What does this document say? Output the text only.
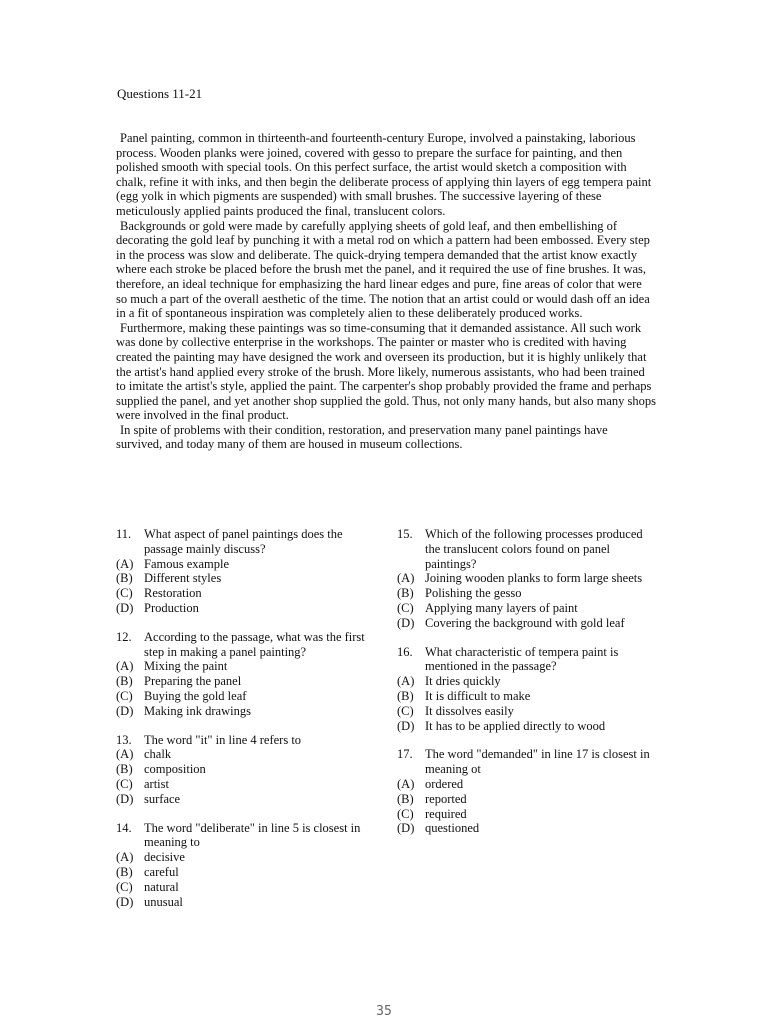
Questions 11-21

Panel painting, common in thirteenth-and fourteenth-century Europe, involved a painstaking, laborious process. Wooden planks were joined, covered with gesso to prepare the surface for painting, and then polished smooth with special tools. On this perfect surface, the artist would sketch a composition with chalk, refine it with inks, and then begin the deliberate process of applying thin layers of egg tempera paint (egg yolk in which pigments are suspended) with small brushes. The successive layering of these meticulously applied paints produced the final, translucent colors.

Backgrounds or gold were made by carefully applying sheets of gold leaf, and then embellishing of decorating the gold leaf by punching it with a metal rod on which a pattern had been embossed. Every step in the process was slow and deliberate. The quick-drying tempera demanded that the artist know exactly where each stroke be placed before the brush met the panel, and it required the use of fine brushes. It was, therefore, an ideal technique for emphasizing the hard linear edges and pure, fine areas of color that were so much a part of the overall aesthetic of the time. The notion that an artist could or would dash off an idea in a fit of spontaneous inspiration was completely alien to these deliberately produced works.

Furthermore, making these paintings was so time-consuming that it demanded assistance. All such work was done by collective enterprise in the workshops. The painter or master who is credited with having created the painting may have designed the work and overseen its production, but it is highly unlikely that the artist's hand applied every stroke of the brush. More likely, numerous assistants, who had been trained to imitate the artist's style, applied the paint. The carpenter's shop probably provided the frame and perhaps supplied the panel, and yet another shop supplied the gold. Thus, not only many hands, but also many shops were involved in the final product.

In spite of problems with their condition, restoration, and preservation many panel paintings have survived, and today many of them are housed in museum collections.

11.	What aspect of panel paintings does the passage mainly discuss?
(A) Famous example
(B) Different styles
(C) Restoration
(D) Production
12. According to the passage, what was the first step in making a panel painting?
(A) Mixing the paint
(B) Preparing the panel
(C) Buying the gold leaf
(D) Making ink drawings
13. The word "it" in line 4 refers to
(A) chalk
(B) composition
(C) artist
(D) surface
14. The word "deliberate" in line 5 is closest in meaning to
(A) decisive
(B) careful
(C) natural
(D) unusual
15. Which of the following processes produced the translucent colors found on panel paintings?
(A) Joining wooden planks to form large sheets
(B) Polishing the gesso
(C) Applying many layers of paint
(D) Covering the background with gold leaf
16. What characteristic of tempera paint is mentioned in the passage?
(A) It dries quickly
(B) It is difficult to make
(C) It dissolves easily
(D) It has to be applied directly to wood
17. The word "demanded" in line 17 is closest in meaning ot
(A) ordered
(B) reported
(C) required
(D) questioned
35
